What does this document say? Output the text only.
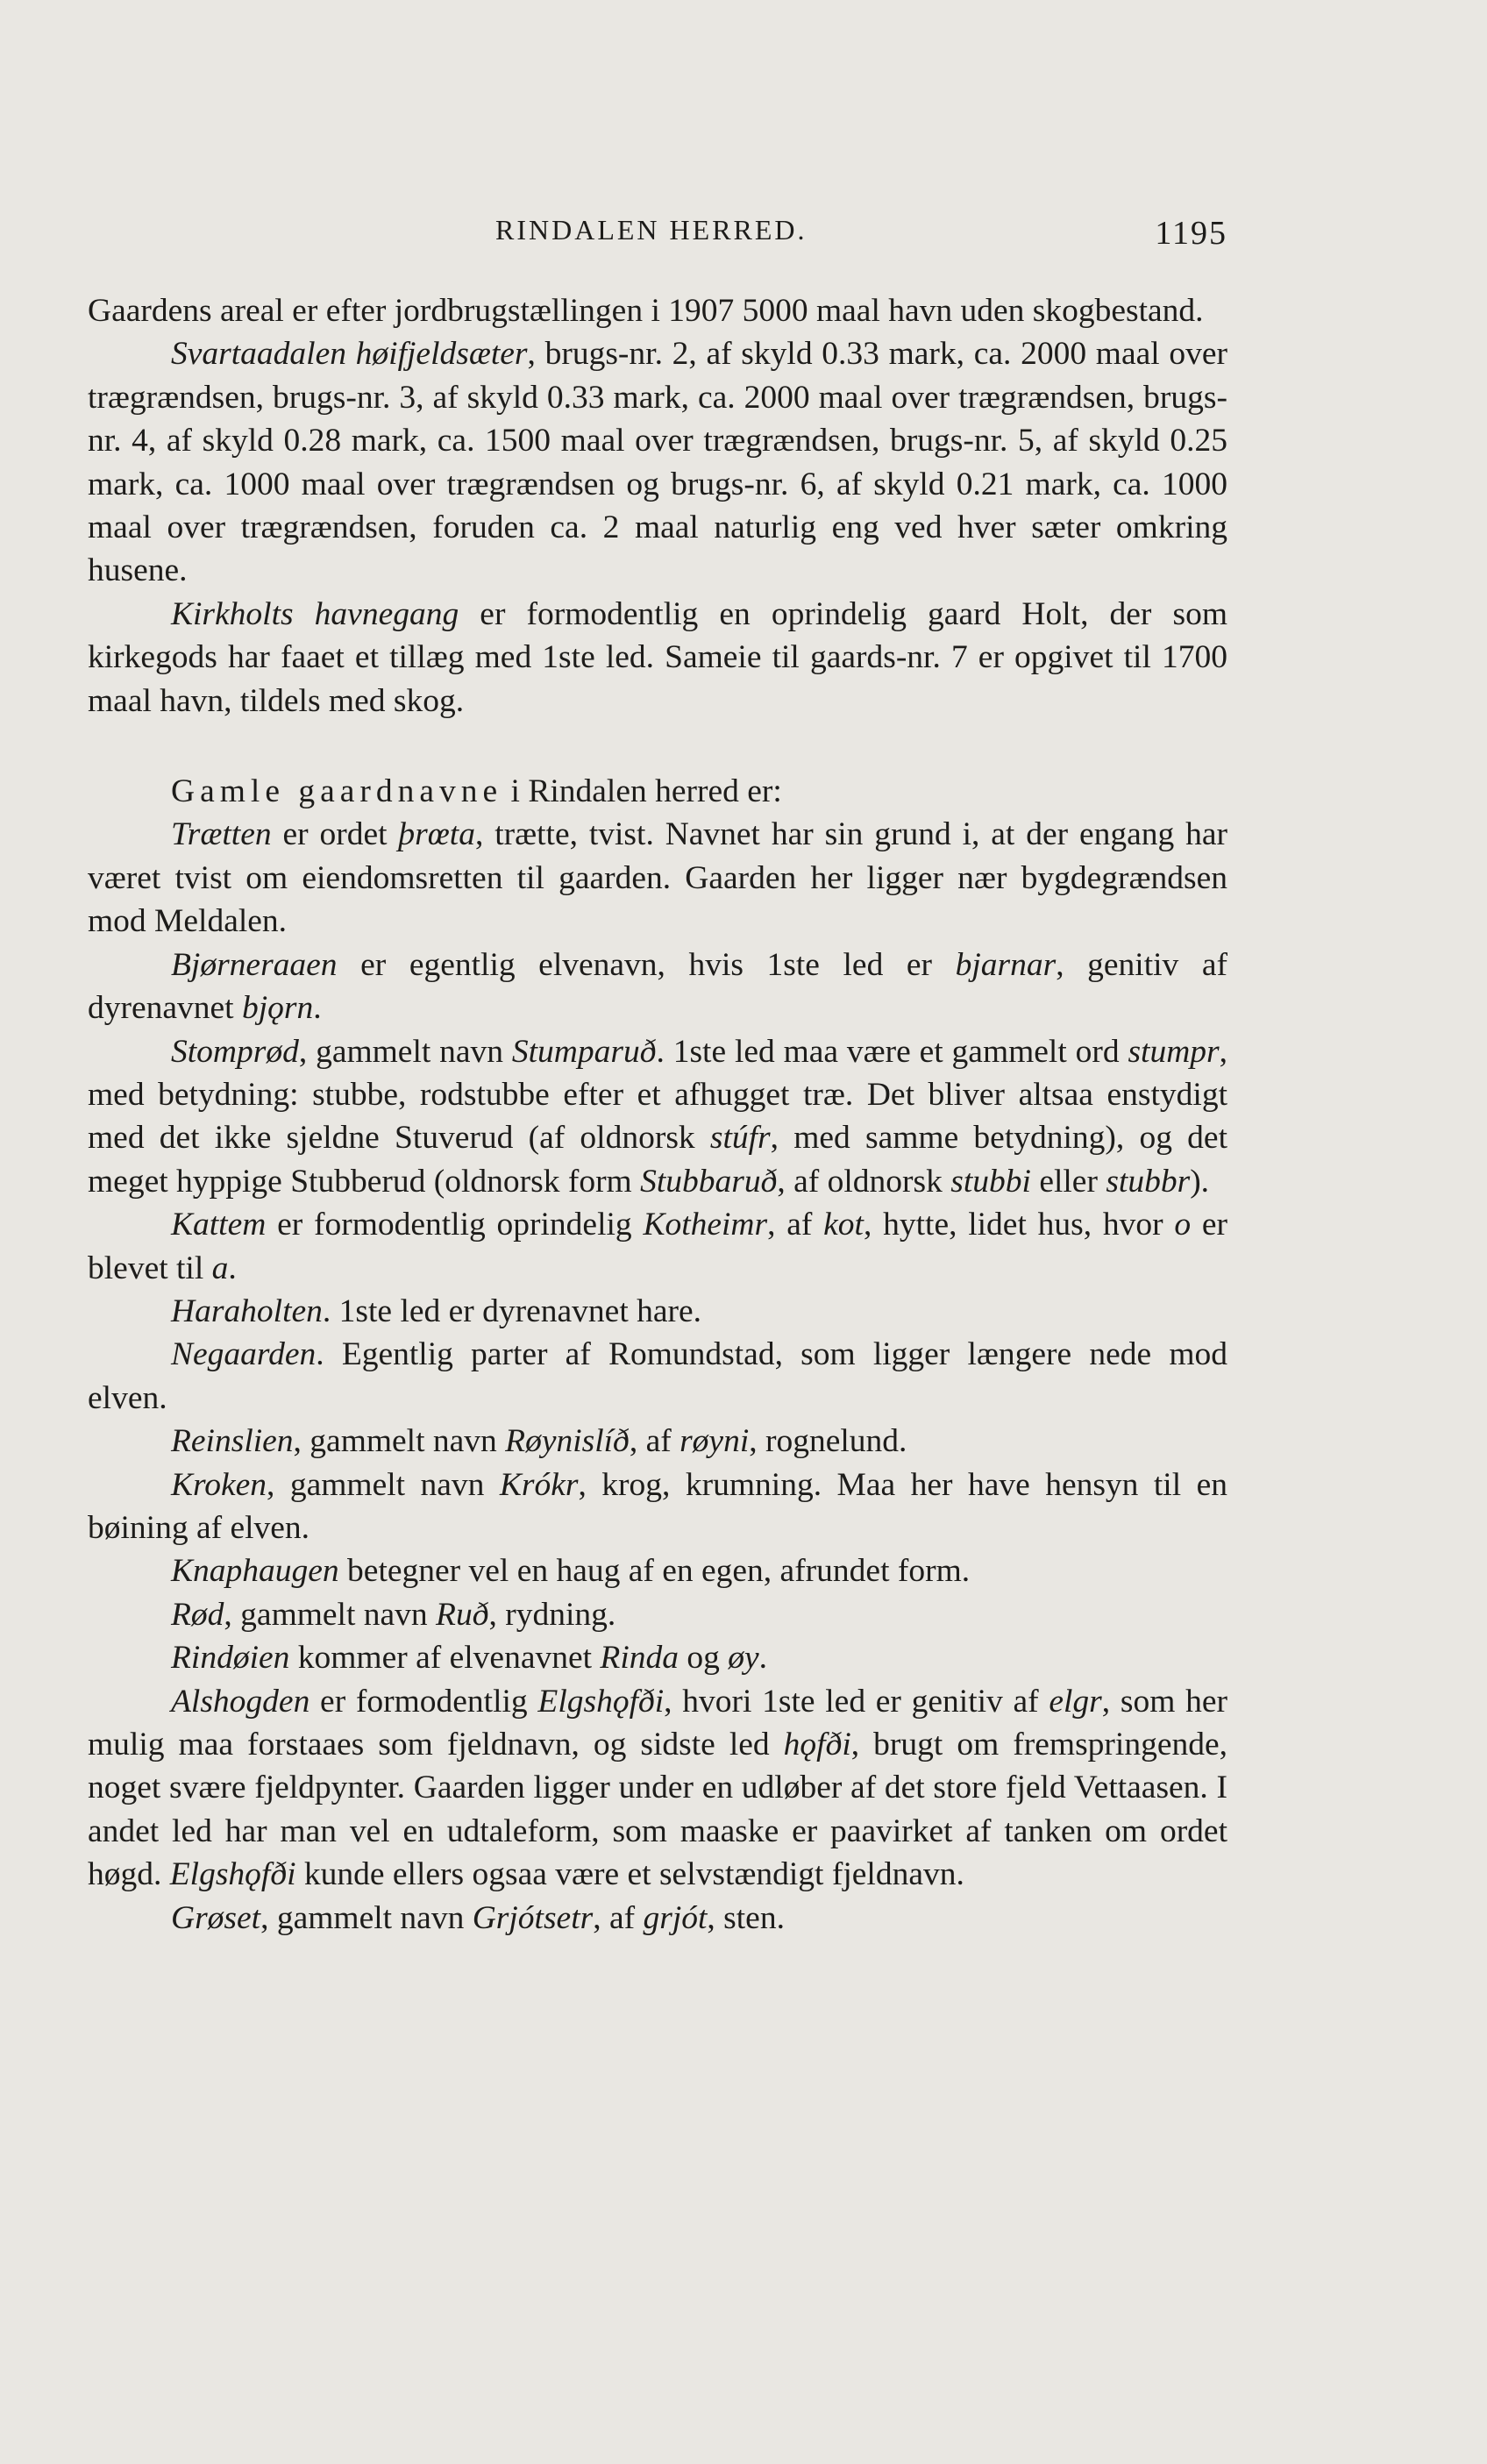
RINDALEN HERRED.	1195

Gaardens areal er efter jordbrugstællingen i 1907 5000 maal havn uden skogbestand.

Svartaadalen høifjeldsæter, brugs-nr. 2, af skyld 0.33 mark, ca. 2000 maal over trægrændsen, brugs-nr. 3, af skyld 0.33 mark, ca. 2000 maal over trægrændsen, brugs-nr. 4, af skyld 0.28 mark, ca. 1500 maal over trægrændsen, brugs-nr. 5, af skyld 0.25 mark, ca. 1000 maal over trægrændsen og brugs-nr. 6, af skyld 0.21 mark, ca. 1000 maal over trægrændsen, foruden ca. 2 maal naturlig eng ved hver sæter omkring husene.

Kirkholts havnegang er formodentlig en oprindelig gaard Holt, der som kirkegods har faaet et tillæg med 1ste led. Sameie til gaards-nr. 7 er opgivet til 1700 maal havn, tildels med skog.

Gamle gaardnavne i Rindalen herred er:

Trætten er ordet þrœta, trætte, tvist. Navnet har sin grund i, at der engang har været tvist om eiendomsretten til gaarden. Gaarden her ligger nær bygdegrændsen mod Meldalen.

Bjørneraaen er egentlig elvenavn, hvis 1ste led er bjarnar, genitiv af dyrenavnet bjǫrn.

Stomprød, gammelt navn Stumparuð. 1ste led maa være et gammelt ord stumpr, med betydning: stubbe, rodstubbe efter et afhugget træ. Det bliver altsaa enstydigt med det ikke sjeldne Stuverud (af oldnorsk stúfr, med samme betydning), og det meget hyppige Stubberud (oldnorsk form Stubbaruð, af oldnorsk stubbi eller stubbr).

Kattem er formodentlig oprindelig Kotheimr, af kot, hytte, lidet hus, hvor o er blevet til a.

Haraholten. 1ste led er dyrenavnet hare.

Negaarden. Egentlig parter af Romundstad, som ligger længere nede mod elven.

Reinslien, gammelt navn Røynislíð, af røyni, rognelund.

Kroken, gammelt navn Krókr, krog, krumning. Maa her have hensyn til en bøining af elven.

Knaphaugen betegner vel en haug af en egen, afrundet form.

Rød, gammelt navn Ruð, rydning.

Rindøien kommer af elvenavnet Rinda og øy.

Alshogden er formodentlig Elgshǫfði, hvori 1ste led er genitiv af elgr, som her mulig maa forstaaes som fjeldnavn, og sidste led hǫfði, brugt om fremspringende, noget svære fjeldpynter. Gaarden ligger under en udløber af det store fjeld Vettaasen. I andet led har man vel en udtaleform, som maaske er paavirket af tanken om ordet høgd. Elgshǫfði kunde ellers ogsaa være et selvstændigt fjeldnavn.

Grøset, gammelt navn Grjótsetr, af grjót, sten.
